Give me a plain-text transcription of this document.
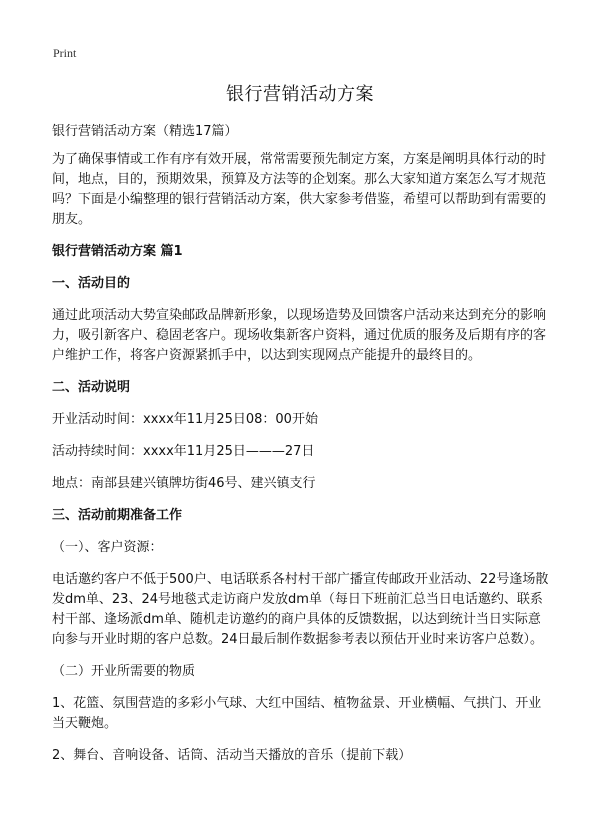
Print
银行营销活动方案

银行营销活动方案（精选17篇）

为了确保事情或工作有序有效开展，常常需要预先制定方案，方案是阐明具体行动的时间，地点，目的，预期效果，预算及方法等的企划案。那么大家知道方案怎么写才规范吗？下面是小编整理的银行营销活动方案，供大家参考借鉴，希望可以帮助到有需要的朋友。

银行营销活动方案 篇1

一、活动目的

通过此项活动大势宣染邮政品牌新形象，以现场造势及回馈客户活动来达到充分的影响力，吸引新客户、稳固老客户。现场收集新客户资料，通过优质的服务及后期有序的客户维护工作，将客户资源紧抓手中，以达到实现网点产能提升的最终目的。

二、活动说明

开业活动时间：xxxx年11月25日08：00开始

活动持续时间：xxxx年11月25日———27日

地点：南部县建兴镇牌坊街46号、建兴镇支行

三、活动前期准备工作

（一）、客户资源：

电话邀约客户不低于500户、电话联系各村村干部广播宣传邮政开业活动、22号逢场散发dm单、23、24号地毯式走访商户发放dm单（每日下班前汇总当日电话邀约、联系村干部、逢场派dm单、随机走访邀约的商户具体的反馈数据，以达到统计当日实际意向参与开业时期的客户总数。24日最后制作数据参考表以预估开业时来访客户总数）。

（二）开业所需要的物质

1、花篮、氛围营造的多彩小气球、大红中国结、植物盆景、开业横幅、气拱门、开业当天鞭炮。

2、舞台、音响设备、话筒、活动当天播放的音乐（提前下载）
